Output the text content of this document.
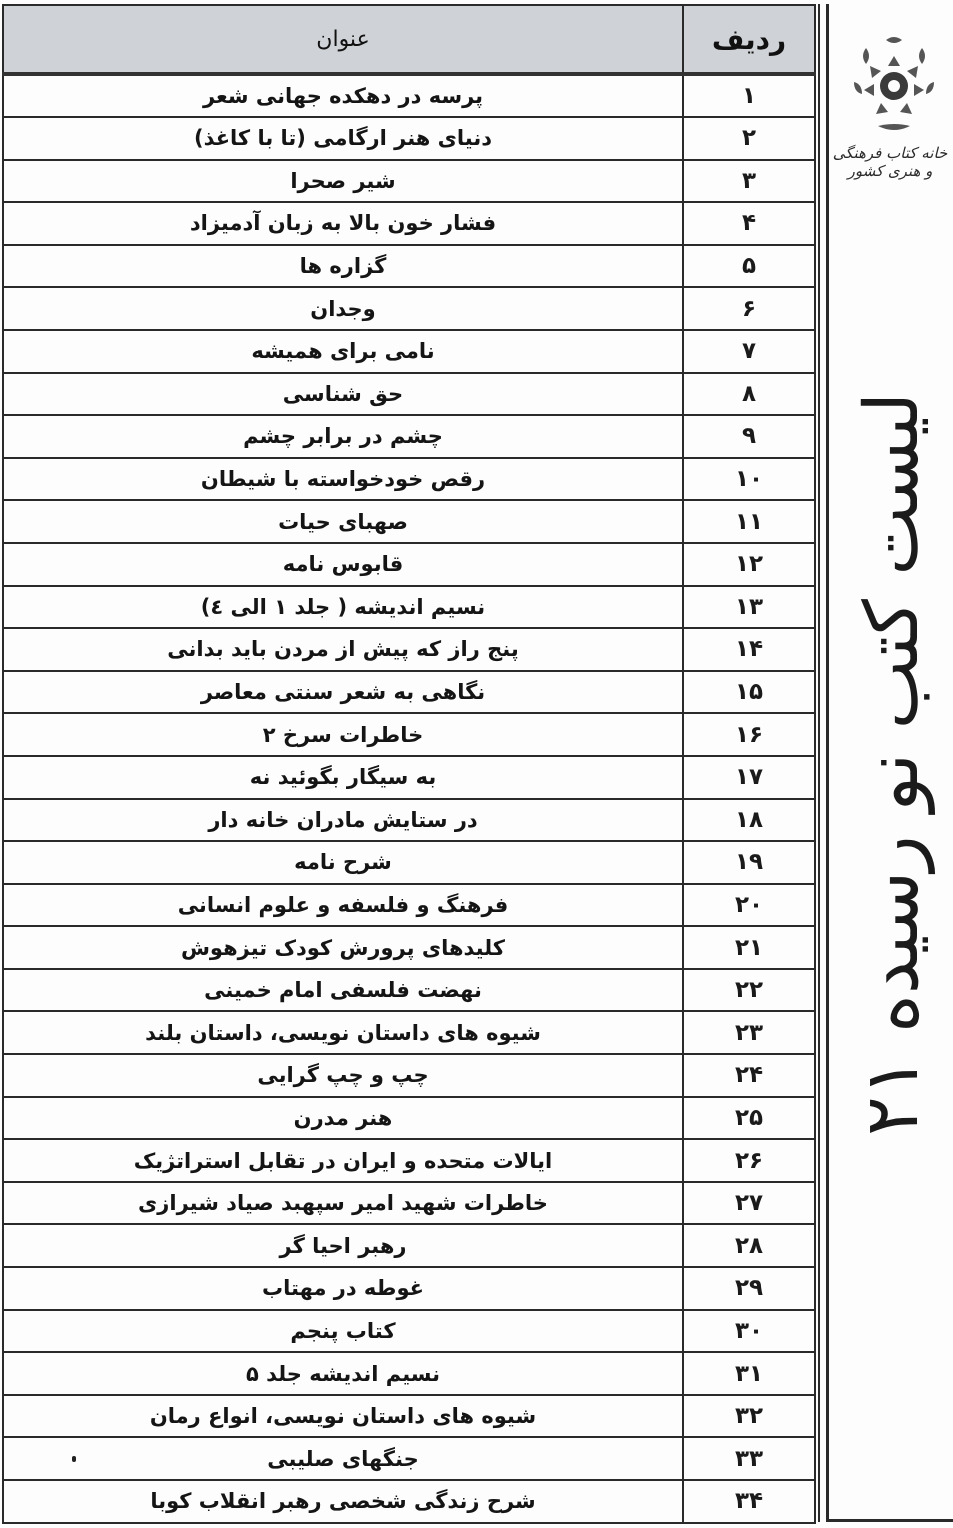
ردیف	عنوان
۱	پرسه در دهکده جهانی شعر
۲	دنیای هنر ارگامی (تا با کاغذ)
۳	شیر صحرا
۴	فشار خون بالا به زبان آدمیزاد
۵	گزاره ها
۶	وجدان
۷	نامی برای همیشه
۸	حق شناسی
۹	چشم در برابر چشم
۱۰	رقص خودخواسته با شیطان
۱۱	صهبای حیات
۱۲	قابوس نامه
۱۳	نسیم اندیشه ( جلد ۱ الی ٤)
۱۴	پنج راز که پیش از مردن باید بدانی
۱۵	نگاهی به شعر سنتی معاصر
۱۶	خاطرات سرخ ۲
۱۷	به سیگار بگوئید نه
۱۸	در ستایش مادران خانه دار
۱۹	شرح نامه
۲۰	فرهنگ و فلسفه و علوم انسانی
۲۱	کلیدهای پرورش کودک تیزهوش
۲۲	نهضت فلسفی امام خمینی
۲۳	شیوه های داستان نویسی، داستان بلند
۲۴	چپ و چپ گرایی
۲۵	هنر مدرن
۲۶	ایالات متحده و ایران در تقابل استراتژیک
۲۷	خاطرات شهید امیر سپهبد صیاد شیرازی
۲۸	رهبر احیا گر
۲۹	غوطه در مهتاب
۳۰	کتاب پنجم
۳۱	نسیم اندیشه جلد ۵
۳۲	شیوه های داستان نویسی، انواع رمان
۳۳	جنگهای صلیبی
۳۴	شرح زندگی شخصی رهبر انقلاب کوبا
خانه کتاب فرهنگی و هنری کشور
لیست کتب نو رسیده ۲۱
